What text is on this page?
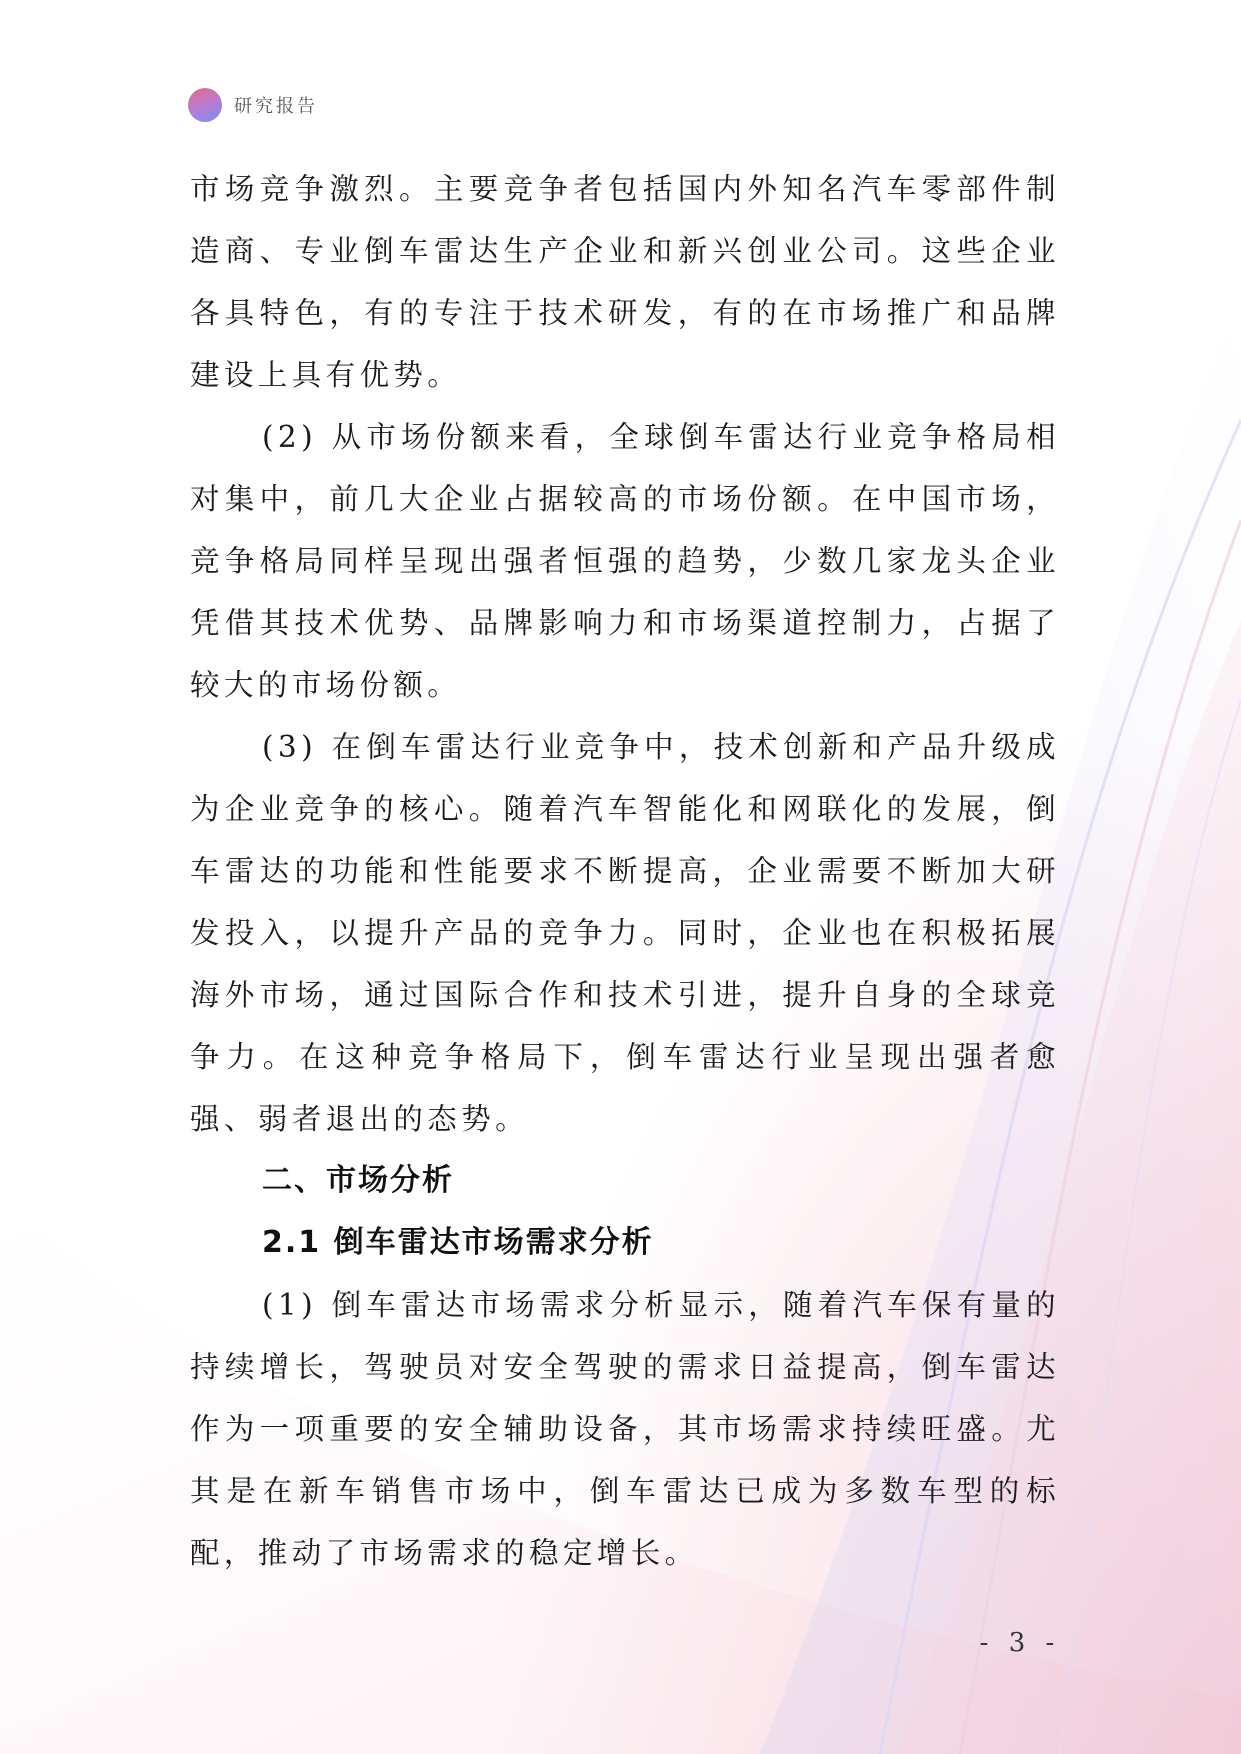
研究报告

市场竞争激烈。主要竞争者包括国内外知名汽车零部件制造商、专业倒车雷达生产企业和新兴创业公司。这些企业各具特色，有的专注于技术研发，有的在市场推广和品牌建设上具有优势。

(2) 从市场份额来看，全球倒车雷达行业竞争格局相对集中，前几大企业占据较高的市场份额。在中国市场，竞争格局同样呈现出强者恒强的趋势，少数几家龙头企业凭借其技术优势、品牌影响力和市场渠道控制力，占据了较大的市场份额。

(3) 在倒车雷达行业竞争中，技术创新和产品升级成为企业竞争的核心。随着汽车智能化和网联化的发展，倒车雷达的功能和性能要求不断提高，企业需要不断加大研发投入，以提升产品的竞争力。同时，企业也在积极拓展海外市场，通过国际合作和技术引进，提升自身的全球竞争力。在这种竞争格局下，倒车雷达行业呈现出强者愈强、弱者退出的态势。

二、市场分析
2.1 倒车雷达市场需求分析

(1) 倒车雷达市场需求分析显示，随着汽车保有量的持续增长，驾驶员对安全驾驶的需求日益提高，倒车雷达作为一项重要的安全辅助设备，其市场需求持续旺盛。尤其是在新车销售市场中，倒车雷达已成为多数车型的标配，推动了市场需求的稳定增长。

- 3 -
